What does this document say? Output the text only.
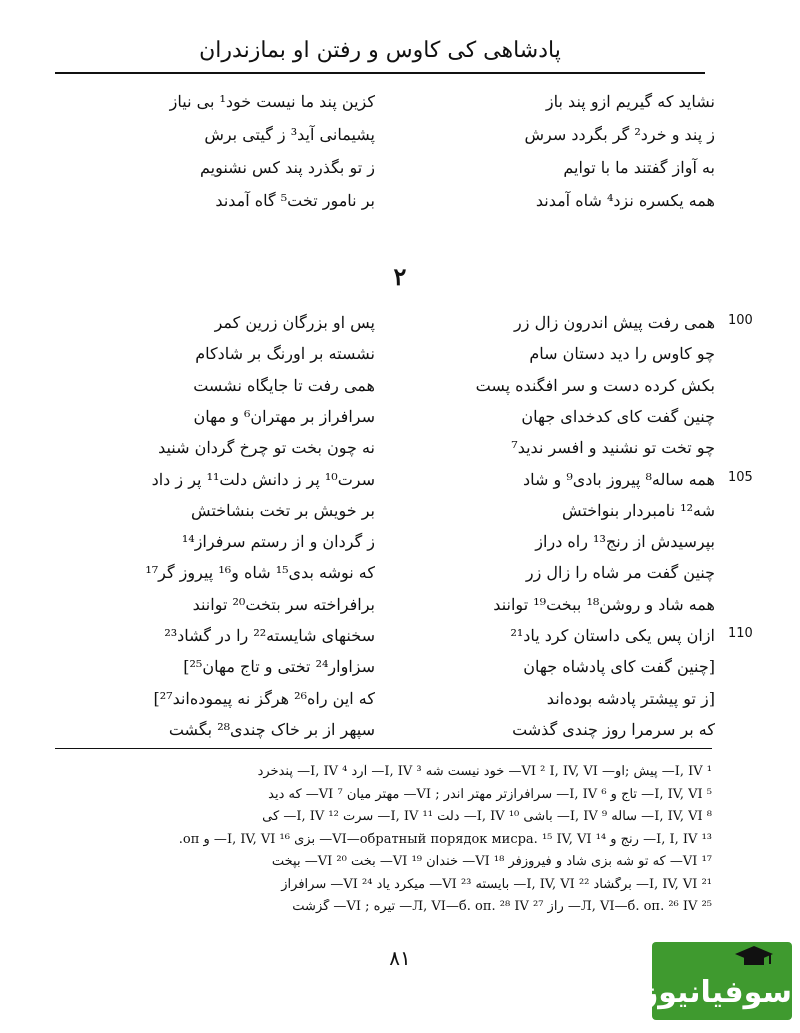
پادشاهی کی کاوس و رفتن او بمازندران
نشاید که گیریم ازو پند باز
کزین پند ما نیست خود¹ بی نیاز
ز پند و خرد² گر بگردد سرش
پشیمانی آید³ ز گیتی برش
به آواز گفتند ما با توایم
ز تو بگذرد پند کس نشنویم
همه یکسره نزد⁴ شاه آمدند
بر نامور تخت⁵ گاه آمدند
۲
همی رفت پیش اندرون زال زر
پس او بزرگان زرین کمر	100
چو کاوس را دید دستان سام
نشسته بر اورنگ بر شادکام
بکش کرده دست و سر افگنده پست
همی رفت تا جایگاه نشست
چنین گفت کای کدخدای جهان
سرافراز بر مهتران⁶ و مهان
چو تخت تو نشنید و افسر ندید⁷
نه چون بخت تو چرخ گردان شنید
همه ساله⁸ پیروز بادی⁹ و شاد
سرت¹⁰ پر ز دانش دلت¹¹ پر ز داد	105
شه¹² نامبردار بنواختش
بر خویش بر تخت بنشاختش
بپرسیدش از رنج¹³ راه دراز
ز گردان و از رستم سرفراز¹⁴
چنین گفت مر شاه را زال زر
که نوشه بدی¹⁵ شاه و¹⁶ پیروز گر¹⁷
همه شاد و روشن¹⁸ ببخت¹⁹ توانند
برافراخته سر بتخت²⁰ توانند
ازان پس یکی داستان کرد یاد²¹
سخنهای شایسته²² را در گشاد²³	110
[چنین گفت کای پادشاه جهان
سزاوار²⁴ تختی و تاج مهان²⁵]
[ز تو پیشتر پادشه بوده‌اند
که این راه²⁶ هرگز نه پیموده‌اند²⁷]
که بر سرمرا روز چندی گذشت
سپهر از بر خاک چندی²⁸ بگشت
¹ I, IV— پیش ;او— VI ² I, IV, VI— خود نیست شه ³ I, IV— آرد ⁴ I, IV— پندخرد
⁵ I, IV, VI— تاج و ⁶ I, IV— سرافرازتر مهتر اندر ; VI— مهتر میان ⁷ VI— که دید
⁸ I, IV, VI— ساله ⁹ I, IV— باشی ¹⁰ I, IV— دلت ¹¹ I, IV— سرت ¹² I, IV— کی
¹³ I, I, IV— رنج و ¹⁴ VI—обратный порядок мисра. ¹⁵ IV, VI— بزی ¹⁶ I, IV, VI— و оп.
¹⁷ VI— که تو شه بزی شاد و فیروزفر ¹⁸ VI— خندان ¹⁹ VI— بخت ²⁰ VI— بپخت
²¹ I, IV, VI— برگشاد ²² I, IV, VI— بایسته ²³ VI— میکرد یاد ²⁴ VI— سرافراز
²⁵ Л, VI—б. оп. ²⁶ IV— راز ²⁷ Л, VI—б. оп. ²⁸ IV— تیره ; VI— گزشت
۸۱
سوفیانیوز
